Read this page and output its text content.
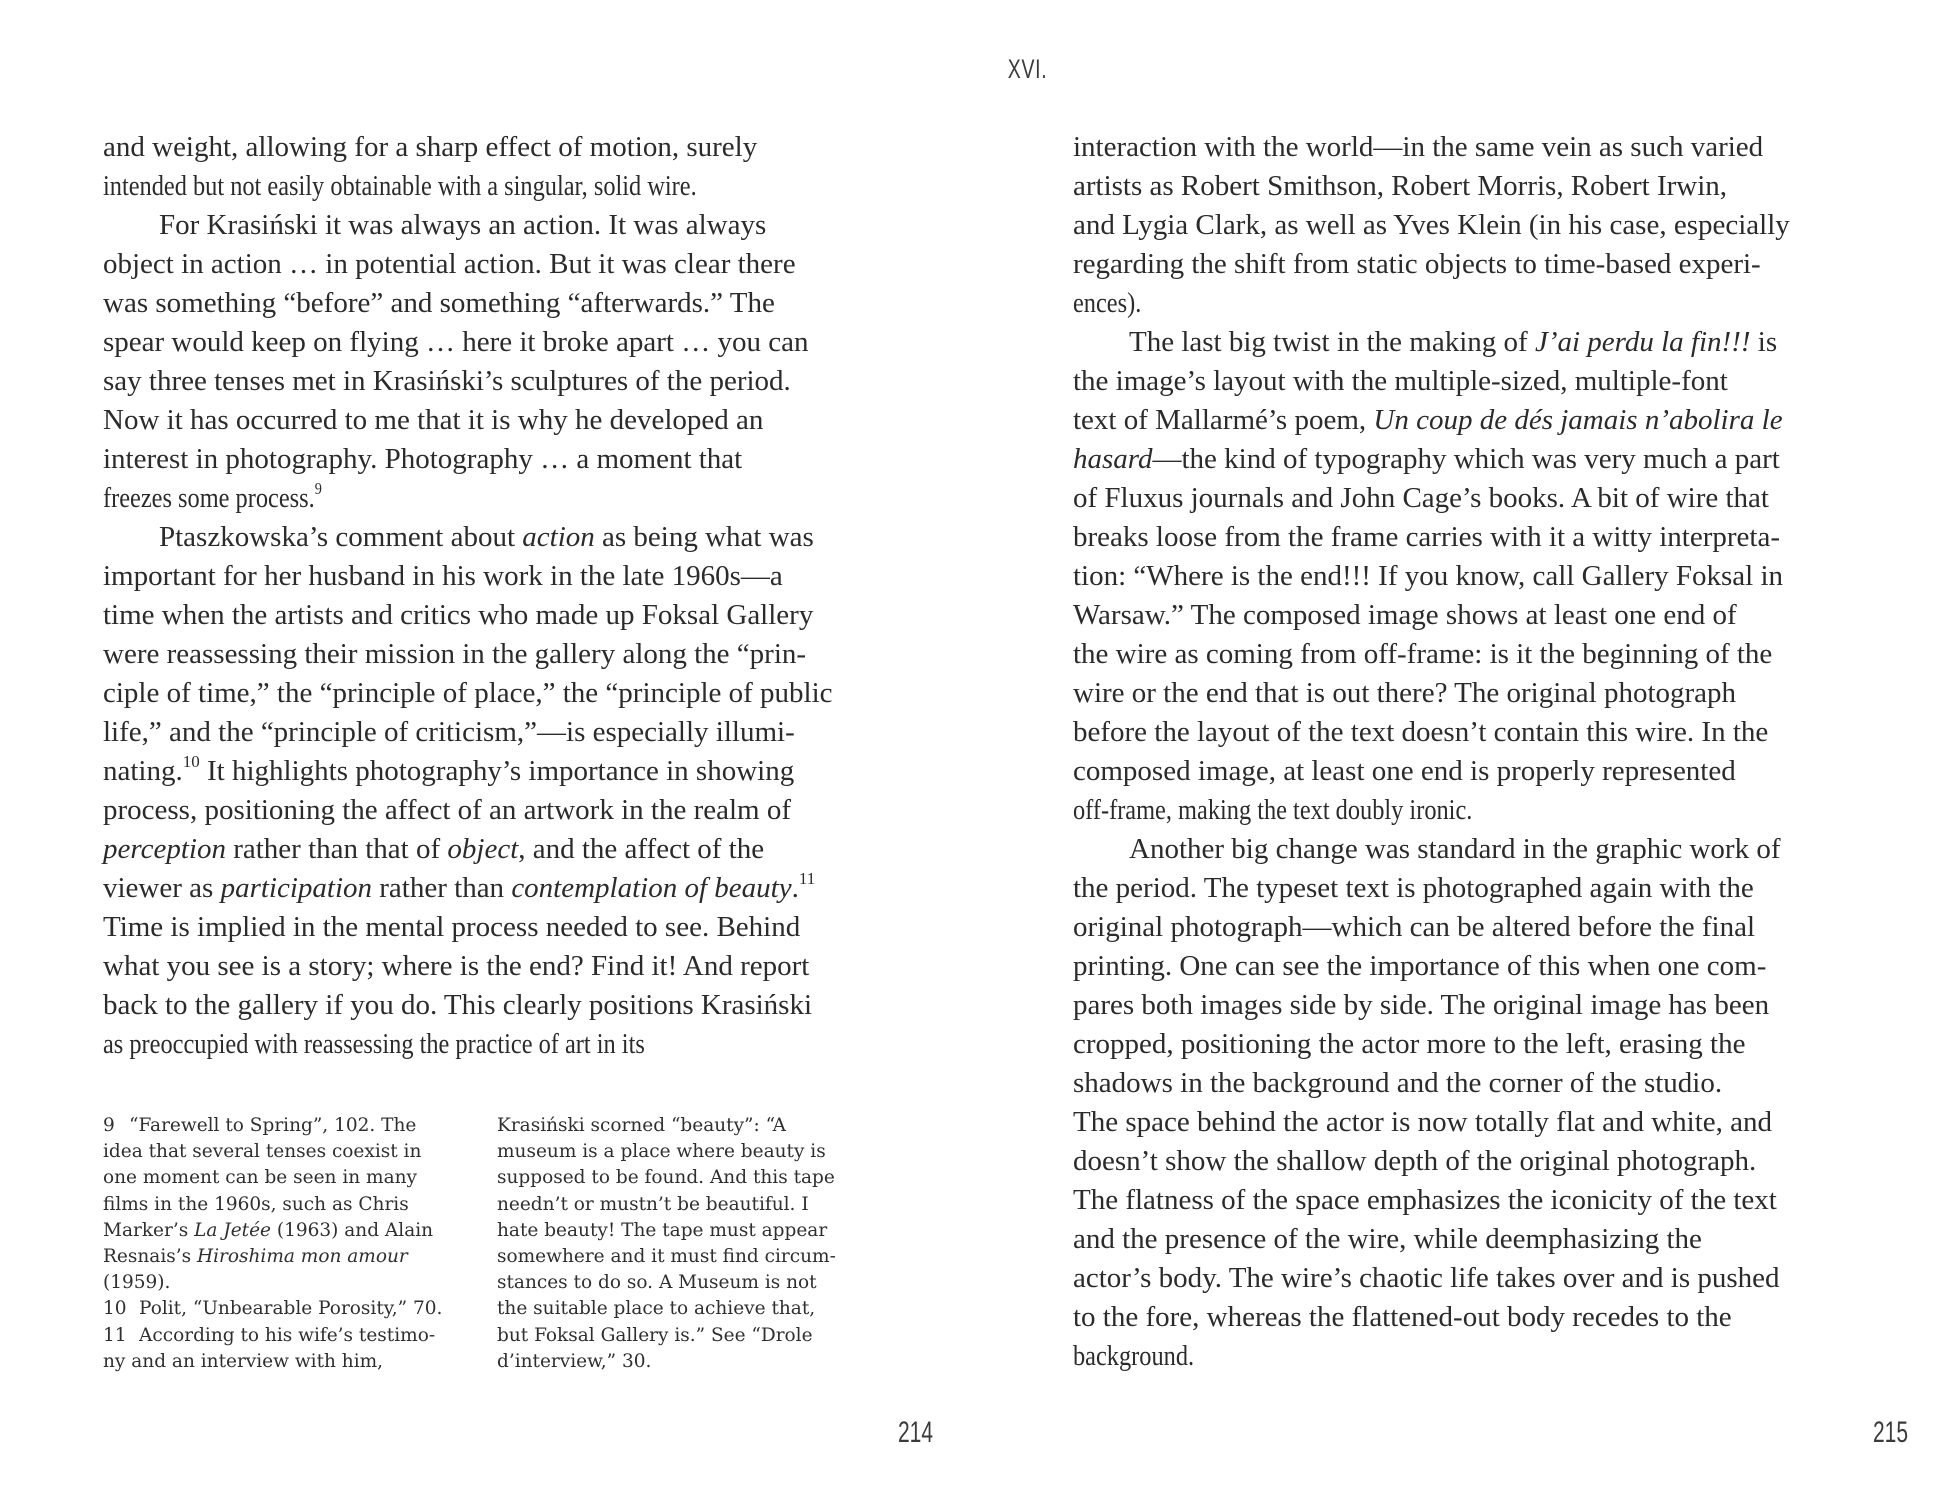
XVI.
and weight, allowing for a sharp effect of motion, surely
intended but not easily obtainable with a singular, solid wire.
For Krasiński it was always an action. It was always
object in action … in potential action. But it was clear there
was something “before” and something “afterwards.” The
spear would keep on flying … here it broke apart … you can
say three tenses met in Krasiński’s sculptures of the period.
Now it has occurred to me that it is why he developed an
interest in photography. Photography … a moment that
freezes some process.$^9$
Ptaszkowska’s comment about action as being what was
important for her husband in his work in the late 1960s—a
time when the artists and critics who made up Foksal Gallery
were reassessing their mission in the gallery along the “prin-
ciple of time,” the “principle of place,” the “principle of public
life,” and the “principle of criticism,”—is especially illumi-
nating.$^{10}$ It highlights photography’s importance in showing
process, positioning the affect of an artwork in the realm of
perception rather than that of object, and the affect of the
viewer as participation rather than contemplation of beauty.$^{11}$
Time is implied in the mental process needed to see. Behind
what you see is a story; where is the end? Find it! And report
back to the gallery if you do. This clearly positions Krasiński
as preoccupied with reassessing the practice of art in its
9 “Farewell to Spring”, 102. The
idea that several tenses coexist in
one moment can be seen in many
films in the 1960s, such as Chris
Marker’s La Jetée (1963) and Alain
Resnais’s Hiroshima mon amour
(1959).
10 Polit, “Unbearable Porosity,” 70.
11 According to his wife’s testimo-
ny and an interview with him,
Krasiński scorned “beauty”: “A
museum is a place where beauty is
supposed to be found. And this tape
needn’t or mustn’t be beautiful. I
hate beauty! The tape must appear
somewhere and it must find circum-
stances to do so. A Museum is not
the suitable place to achieve that,
but Foksal Gallery is.” See “Drole
d’interview,” 30.
214
interaction with the world—in the same vein as such varied
artists as Robert Smithson, Robert Morris, Robert Irwin,
and Lygia Clark, as well as Yves Klein (in his case, especially
regarding the shift from static objects to time-based experi-
ences).
The last big twist in the making of J’ai perdu la fin!!! is
the image’s layout with the multiple-sized, multiple-font
text of Mallarmé’s poem, Un coup de dés jamais n’abolira le
hasard—the kind of typography which was very much a part
of Fluxus journals and John Cage’s books. A bit of wire that
breaks loose from the frame carries with it a witty interpreta-
tion: “Where is the end!!! If you know, call Gallery Foksal in
Warsaw.” The composed image shows at least one end of
the wire as coming from off-frame: is it the beginning of the
wire or the end that is out there? The original photograph
before the layout of the text doesn’t contain this wire. In the
composed image, at least one end is properly represented
off-frame, making the text doubly ironic.
Another big change was standard in the graphic work of
the period. The typeset text is photographed again with the
original photograph—which can be altered before the final
printing. One can see the importance of this when one com-
pares both images side by side. The original image has been
cropped, positioning the actor more to the left, erasing the
shadows in the background and the corner of the studio.
The space behind the actor is now totally flat and white, and
doesn’t show the shallow depth of the original photograph.
The flatness of the space emphasizes the iconicity of the text
and the presence of the wire, while deemphasizing the
actor’s body. The wire’s chaotic life takes over and is pushed
to the fore, whereas the flattened-out body recedes to the
background.
215
